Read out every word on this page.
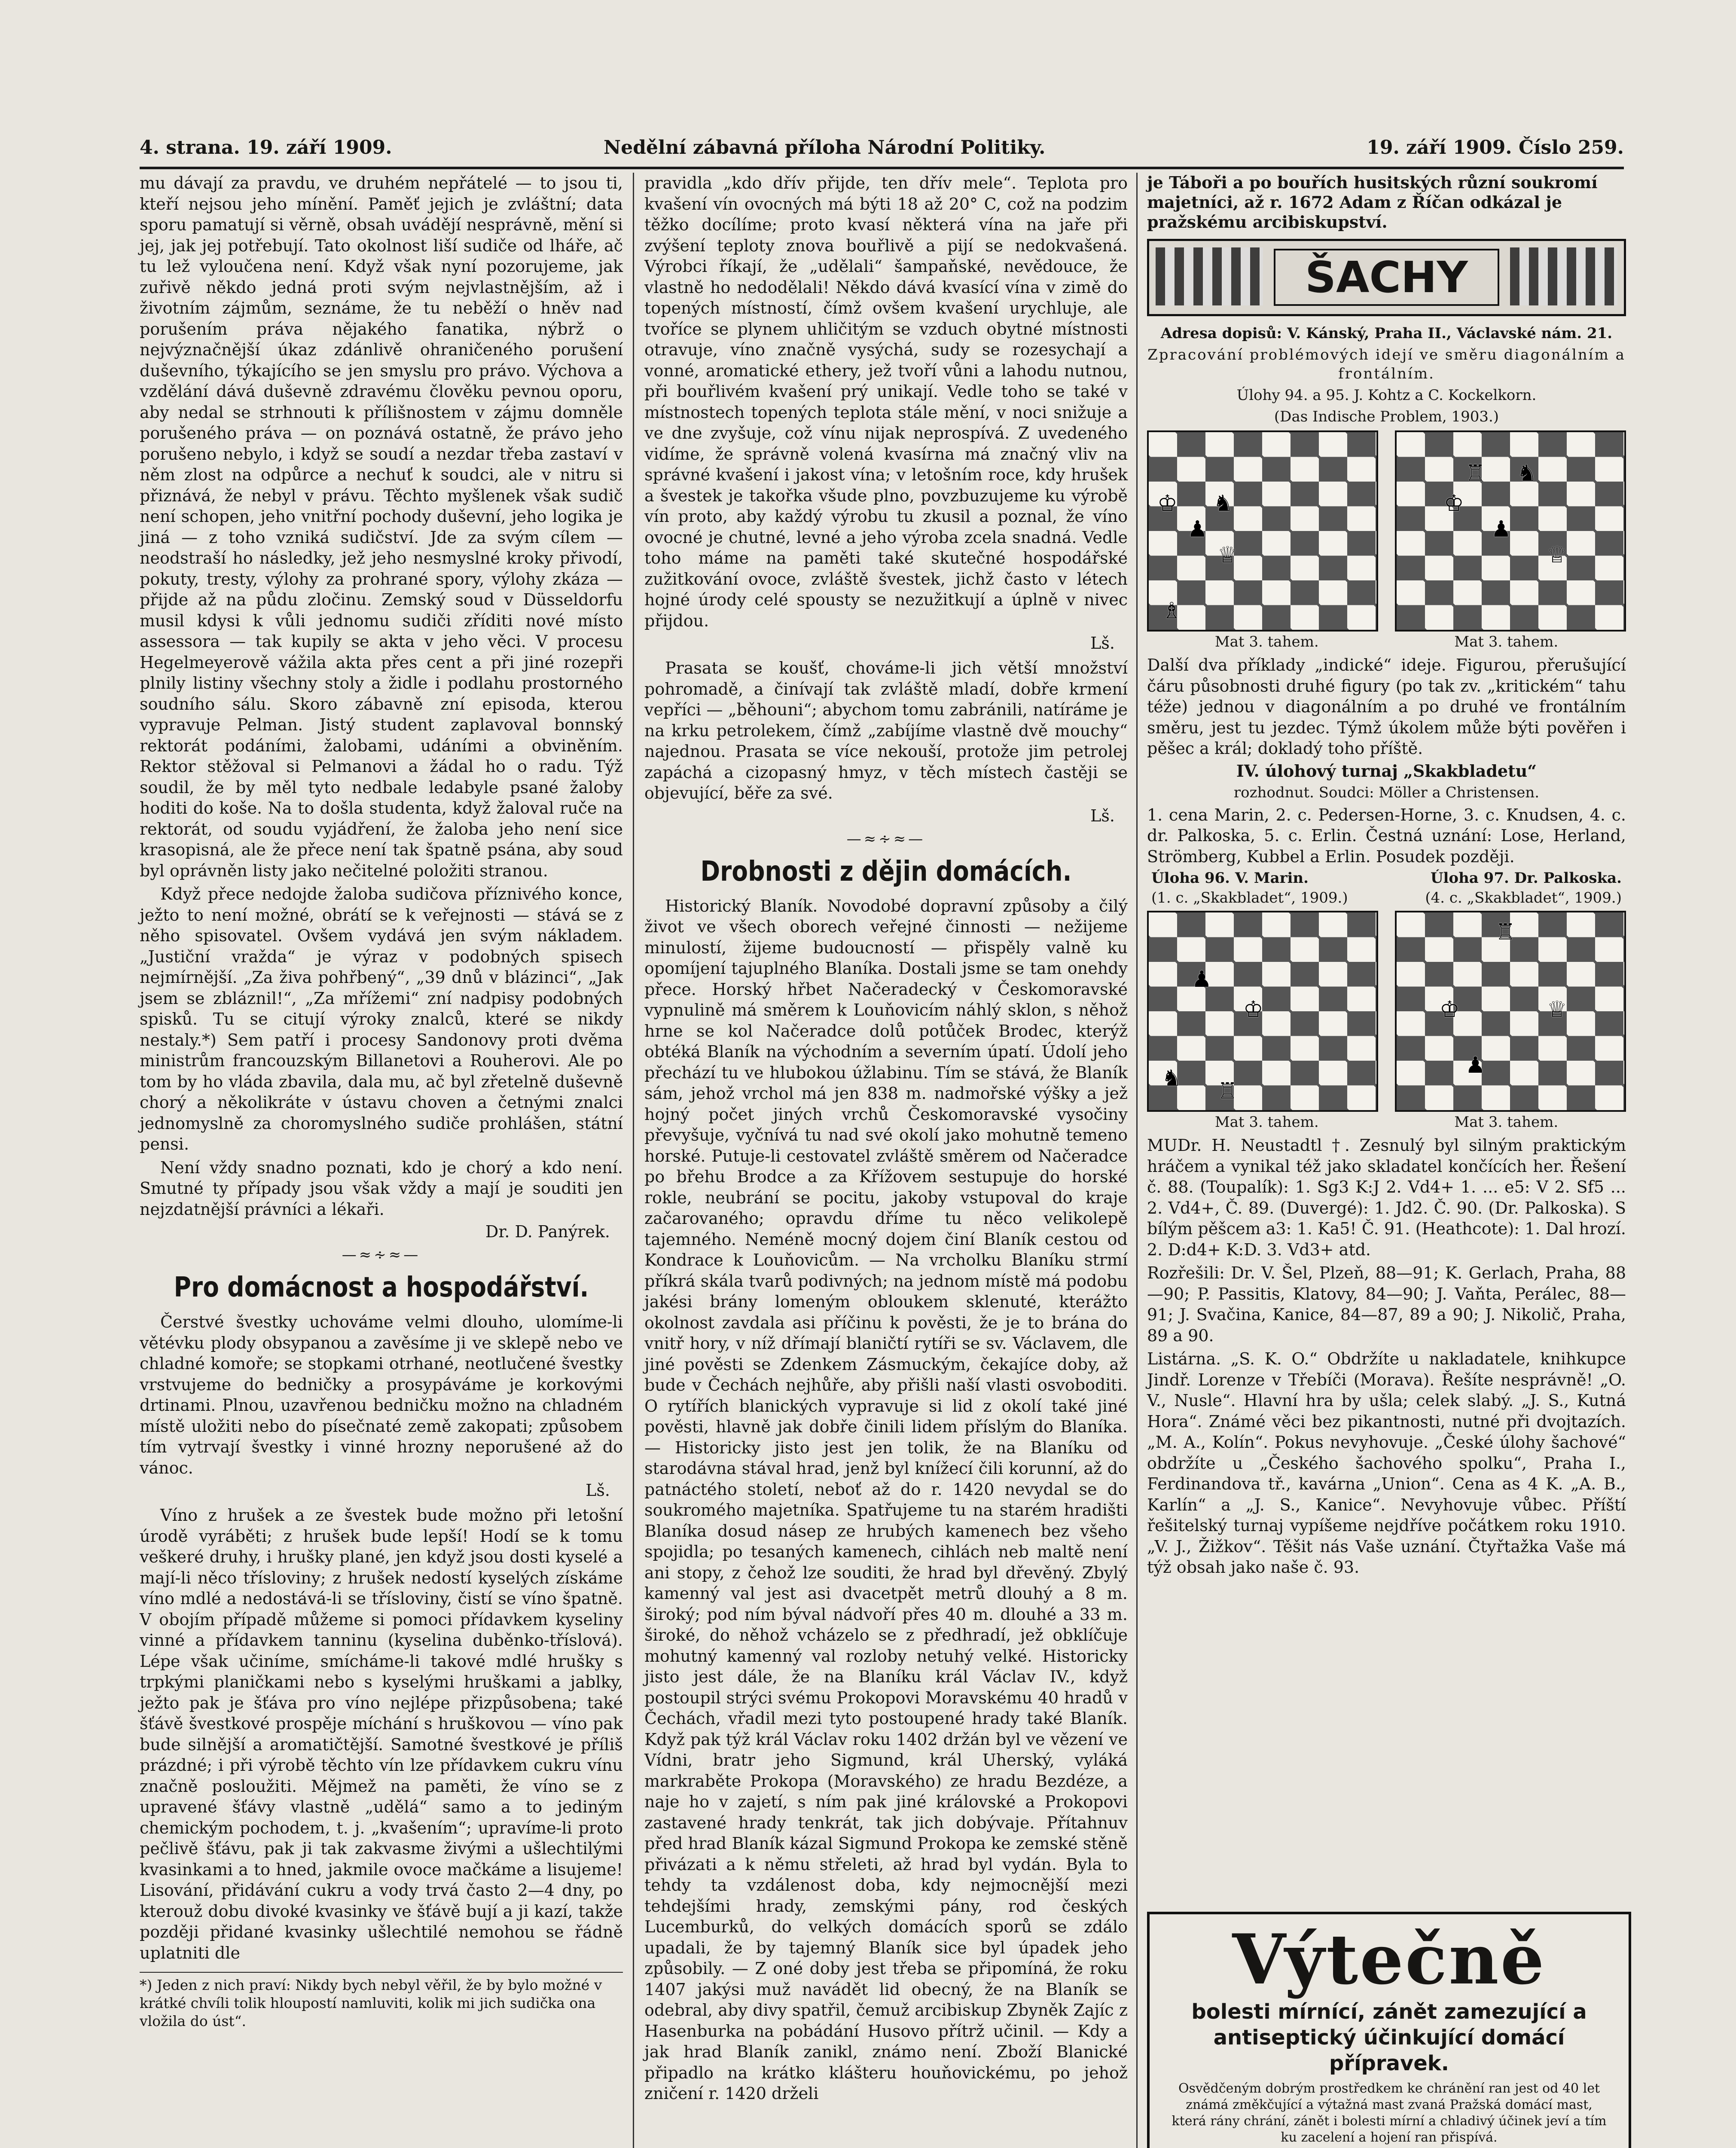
4. strana. 19. září 1909.	Nedělní zábavná příloha Národní Politiky.	19. září 1909. Číslo 259.

mu dávají za pravdu, ve druhém nepřátelé — to jsou ti, kteří nejsou jeho mínění. Paměť jejich je zvláštní; data sporu pamatují si věrně, obsah uvádějí nesprávně, mění si jej, jak jej potřebují. Tato okolnost liší sudiče od lháře, ač tu lež vyloučena není. Když však nyní pozorujeme, jak zuřivě někdo jedná proti svým nejvlastnějším, až i životním zájmům, seznáme, že tu neběží o hněv nad porušením práva nějakého fanatika, nýbrž o nejvýznačnější úkaz zdánlivě ohraničeného porušení duševního, týkajícího se jen smyslu pro právo. Výchova a vzdělání dává duševně zdravému člověku pevnou oporu, aby nedal se strhnouti k přílišnostem v zájmu domněle porušeného práva — on poznává ostatně, že právo jeho porušeno nebylo, i když se soudí a nezdar třeba zastaví v něm zlost na odpůrce a nechuť k soudci, ale v nitru si přiznává, že nebyl v právu. Těchto myšlenek však sudič není schopen, jeho vnitřní pochody duševní, jeho logika je jiná — z toho vzniká sudičství. Jde za svým cílem — neodstraší ho následky, jež jeho nesmyslné kroky přivodí, pokuty, tresty, výlohy za prohrané spory, výlohy zkáza — přijde až na půdu zločinu. Zemský soud v Düsseldorfu musil kdysi k vůli jednomu sudiči zříditi nové místo assessora — tak kupily se akta v jeho věci. V procesu Hegelmeyerově vážila akta přes cent a při jiné rozepři plnily listiny všechny stoly a židle i podlahu prostorného soudního sálu. Skoro zábavně zní episoda, kterou vypravuje Pelman. Jistý student zaplavoval bonnský rektorát podáními, žalobami, udáními a obviněním. Rektor stěžoval si Pelmanovi a žádal ho o radu. Týž soudil, že by měl tyto nedbale ledabyle psané žaloby hoditi do koše. Na to došla studenta, když žaloval ruče na rektorát, od soudu vyjádření, že žaloba jeho není sice krasopisná, ale že přece není tak špatně psána, aby soud byl oprávněn listy jako nečitelné položiti stranou.

Když přece nedojde žaloba sudičova příznivého konce, ježto to není možné, obrátí se k veřejnosti — stává se z něho spisovatel. Ovšem vydává jen svým nákladem. „Justiční vražda“ je výraz v podobných spisech nejmírnější. „Za živa pohřbený“, „39 dnů v blázinci“, „Jak jsem se zbláznil!“, „Za mřížemi“ zní nadpisy podobných spisků. Tu se citují výroky znalců, které se nikdy nestaly.*) Sem patří i procesy Sandonovy proti dvěma ministrům francouzským Billanetovi a Rouherovi. Ale po tom by ho vláda zbavila, dala mu, ač byl zřetelně duševně chorý a několikráte v ústavu choven a četnými znalci jednomyslně za choromyslného sudiče prohlášen, státní pensi.

Není vždy snadno poznati, kdo je chorý a kdo není. Smutné ty případy jsou však vždy a mají je souditi jen nejzdatnější právníci a lékaři.

Dr. D. Panýrek.
—≈∻≈—
Pro domácnost a hospodářství.

Čerstvé švestky uchováme velmi dlouho, ulomíme-li větévku plody obsypanou a zavěsíme ji ve sklepě nebo ve chladné komoře; se stopkami otrhané, neotlučené švestky vrstvujeme do bedničky a prosypáváme je korkovými drtinami. Plnou, uzavřenou bedničku možno na chladném místě uložiti nebo do písečnaté země zakopati; způsobem tím vytrvají švestky i vinné hrozny neporušené až do vánoc.

Lš.

Víno z hrušek a ze švestek bude možno při letošní úrodě vyráběti; z hrušek bude lepší! Hodí se k tomu veškeré druhy, i hrušky plané, jen když jsou dosti kyselé a mají-li něco třísloviny; z hrušek nedostí kyselých získáme víno mdlé a nedostává-li se třísloviny, čistí se víno špatně. V obojím případě můžeme si pomoci přídavkem kyseliny vinné a přídavkem tanninu (kyselina duběnko-tříslová). Lépe však učiníme, smícháme-li takové mdlé hrušky s trpkými planičkami nebo s kyselými hruškami a jablky, ježto pak je šťáva pro víno nejlépe přizpůsobena; také šťávě švestkové prospěje míchání s hruškovou — víno pak bude silnější a aromatičtější. Samotné švestkové je příliš prázdné; i při výrobě těchto vín lze přídavkem cukru vínu značně posloužiti. Mějmež na paměti, že víno se z upravené šťávy vlastně „udělá“ samo a to jediným chemickým pochodem, t. j. „kvašením“; upravíme-li proto pečlivě šťávu, pak ji tak zakvasme živými a ušlechtilými kvasinkami a to hned, jakmile ovoce mačkáme a lisujeme! Lisování, přidávání cukru a vody trvá často 2—4 dny, po kterouž dobu divoké kvasinky ve šťávě bují a ji kazí, takže později přidané kvasinky ušlechtilé nemohou se řádně uplatniti dle

*) Jeden z nich praví: Nikdy bych nebyl věřil, že by bylo možné v krátké chvíli tolik hloupostí namluviti, kolik mi jich sudička ona vložila do úst“.

pravidla „kdo dřív přijde, ten dřív mele“. Teplota pro kvašení vín ovocných má býti 18 až 20° C, což na podzim těžko docílíme; proto kvasí některá vína na jaře při zvýšení teploty znova bouřlivě a pijí se nedokvašená. Výrobci říkají, že „udělali“ šampaňské, nevědouce, že vlastně ho nedodělali! Někdo dává kvasící vína v zimě do topených místností, čímž ovšem kvašení urychluje, ale tvoříce se plynem uhličitým se vzduch obytné místnosti otravuje, víno značně vysýchá, sudy se rozesychají a vonné, aromatické ethery, jež tvoří vůni a lahodu nutnou, při bouřlivém kvašení prý unikají. Vedle toho se také v místnostech topených teplota stále mění, v noci snižuje a ve dne zvyšuje, což vínu nijak neprospívá. Z uvedeného vidíme, že správně volená kvasírna má značný vliv na správné kvašení i jakost vína; v letošním roce, kdy hrušek a švestek je takořka všude plno, povzbuzujeme ku výrobě vín proto, aby každý výrobu tu zkusil a poznal, že víno ovocné je chutné, levné a jeho výroba zcela snadná. Vedle toho máme na paměti také skutečné hospodářské zužitkování ovoce, zvláště švestek, jichž často v létech hojné úrody celé spousty se nezužitkují a úplně v nivec přijdou.

Lš.

Prasata se koušť, chováme-li jich větší množství pohromadě, a činívají tak zvláště mladí, dobře krmení vepříci — „běhouni“; abychom tomu zabránili, natíráme je na krku petrolekem, čímž „zabíjíme vlastně dvě mouchy“ najednou. Prasata se více nekouší, protože jim petrolej zapáchá a cizopasný hmyz, v těch místech častěji se objevující, běře za své.

Lš.
—≈∻≈—
Drobnosti z dějin domácích.

Historický Blaník. Novodobé dopravní způsoby a čilý život ve všech oborech veřejné činnosti — nežijeme minulostí, žijeme budoucností — přispěly valně ku opomíjení tajuplného Blaníka. Dostali jsme se tam onehdy přece. Horský hřbet Načeradecký v Českomoravské vypnulině má směrem k Louňovicím náhlý sklon, s něhož hrne se kol Načeradce dolů potůček Brodec, kterýž obtéká Blaník na východním a severním úpatí. Údolí jeho přechází tu ve hlubokou úžlabinu. Tím se stává, že Blaník sám, jehož vrchol má jen 838 m. nadmořské výšky a jež hojný počet jiných vrchů Českomoravské vysočiny převyšuje, vyčnívá tu nad své okolí jako mohutně temeno horské. Putuje-li cestovatel zvláště směrem od Načeradce po břehu Brodce a za Křížovem sestupuje do horské rokle, neubrání se pocitu, jakoby vstupoval do kraje začarovaného; opravdu dříme tu něco velikolepě tajemného. Neméně mocný dojem činí Blaník cestou od Kondrace k Louňovicům. — Na vrcholku Blaníku strmí příkrá skála tvarů podivných; na jednom místě má podobu jakési brány lomeným obloukem sklenuté, kterážto okolnost zavdala asi příčinu k pověsti, že je to brána do vnitř hory, v níž dřímají blaničtí rytíři se sv. Václavem, dle jiné pověsti se Zdenkem Zásmuckým, čekajíce doby, až bude v Čechách nejhůře, aby přišli naší vlasti osvoboditi. O rytířích blanických vypravuje si lid z okolí také jiné pověsti, hlavně jak dobře činili lidem příslým do Blaníka. — Historicky jisto jest jen tolik, že na Blaníku od starodávna stával hrad, jenž byl knížecí čili korunní, až do patnáctého století, neboť až do r. 1420 nevydal se do soukromého majetníka. Spatřujeme tu na starém hradišti Blaníka dosud násep ze hrubých kamenech bez všeho spojidla; po tesaných kamenech, cihlách neb maltě není ani stopy, z čehož lze souditi, že hrad byl dřevěný. Zbylý kamenný val jest asi dvacetpět metrů dlouhý a 8 m. široký; pod ním býval nádvoří přes 40 m. dlouhé a 33 m. široké, do něhož vcházelo se z předhradí, jež obklíčuje mohutný kamenný val rozloby netuhý velké. Historicky jisto jest dále, že na Blaníku král Václav IV., když postoupil strýci svému Prokopovi Moravskému 40 hradů v Čechách, vřadil mezi tyto postoupené hrady také Blaník. Když pak týž král Václav roku 1402 držán byl ve vězení ve Vídni, bratr jeho Sigmund, král Uherský, vyláká markraběte Prokopa (Moravského) ze hradu Bezdéze, a naje ho v zajetí, s ním pak jiné královské a Prokopovi zastavené hrady tenkrát, tak jich dobývaje. Přítahnuv před hrad Blaník kázal Sigmund Prokopa ke zemské stěně přivázati a k němu střeleti, až hrad byl vydán. Byla to tehdy ta vzdálenost doba, kdy nejmocnější mezi tehdejšími hrady, zemskými pány, rod českých Lucemburků, do velkých domácích sporů se zdálo upadali, že by tajemný Blaník sice byl úpadek jeho způsobily. — Z oné doby jest třeba se připomíná, že roku 1407 jakýsi muž navádět lid obecný, že na Blaník se odebral, aby divy spatřil, čemuž arcibiskup Zbyněk Zajíc z Hasenburka na pobádání Husovo přítrž učinil. — Kdy a jak hrad Blaník zanikl, známo není. Zboží Blanické připadlo na krátko klášteru houňovickému, po jehož zničení r. 1420 drželi

je Táboři a po bouřích husitských různí soukromí majetníci, až r. 1672 Adam z Říčan odkázal je pražskému arcibiskupství.
ŠACHY
Adresa dopisů: V. Kánský, Praha II., Václavské nám. 21.
Zpracování problémových idejí ve směru diagonálním a frontálním.
Úlohy 94. a 95. J. Kohtz a C. Kockelkorn.
(Das Indische Problem, 1903.)
♔ ♞
♟
♕
♗
♖ ♞
♔
♟
♕
Mat 3. tahem.	Mat 3. tahem.

Další dva příklady „indické“ ideje. Figurou, přerušující čáru působnosti druhé figury (po tak zv. „kritickém“ tahu téže) jednou v diagonálním a po druhé ve frontálním směru, jest tu jezdec. Týmž úkolem může býti pověřen i pěšec a král; dokladý toho příště.

IV. úlohový turnaj „Skakbladetu“
rozhodnut. Soudci: Möller a Christensen.

1. cena Marin, 2. c. Pedersen-Horne, 3. c. Knudsen, 4. c. dr. Palkoska, 5. c. Erlin. Čestná uznání: Lose, Herland, Strömberg, Kubbel a Erlin. Posudek později.

Úloha 96. V. Marin.	Úloha 97. Dr. Palkoska.
(1. c. „Skakbladet“, 1909.)	(4. c. „Skakbladet“, 1909.)
♟
♔
♞ ♖
♖
♔	♕
♟
Mat 3. tahem.	Mat 3. tahem.

MUDr. H. Neustadtl †. Zesnulý byl silným praktickým hráčem a vynikal též jako skladatel končících her. Řešení č. 88. (Toupalík): 1. Sg3 K:J 2. Vd4+ 1. ... e5: V 2. Sf5 ... 2. Vd4+, Č. 89. (Duvergé): 1. Jd2. Č. 90. (Dr. Palkoska). S bílým pěšcem a3: 1. Ka5! Č. 91. (Heathcote): 1. Dal hrozí. 2. D:d4+ K:D. 3. Vd3+ atd.

Rozřešili: Dr. V. Šel, Plzeň, 88—91; K. Gerlach, Praha, 88—90; P. Passitis, Klatovy, 84—90; J. Vaňta, Perálec, 88—91; J. Svačina, Kanice, 84—87, 89 a 90; J. Nikolič, Praha, 89 a 90.

Listárna. „S. K. O.“ Obdržíte u nakladatele, knihkupce Jindř. Lorenze v Třebíči (Morava). Řešíte nesprávně! „O. V., Nusle“. Hlavní hra by ušla; celek slabý. „J. S., Kutná Hora“. Známé věci bez pikantnosti, nutné při dvojtazích. „M. A., Kolín“. Pokus nevyhovuje. „České úlohy šachové“ obdržíte u „Českého šachového spolku“, Praha I., Ferdinandova tř., kavárna „Union“. Cena as 4 K. „A. B., Karlín“ a „J. S., Kanice“. Nevyhovuje vůbec. Příští řešitelský turnaj vypíšeme nejdříve počátkem roku 1910. „V. J., Žižkov“. Těšit nás Vaše uznání. Čtyřtažka Vaše má týž obsah jako naše č. 93.

Výtečně
bolesti mírnící, zánět zamezující a antiseptický účinkující domácí přípravek.
Osvědčeným dobrým prostředkem ke chránění ran jest od 40 let známá změkčující a výtažná mast zvaná Pražská domácí mast, která rány chrání, zánět i bolesti mírní a chladivý účinek jeví a tím ku zacelení a hojení ran přispívá.
